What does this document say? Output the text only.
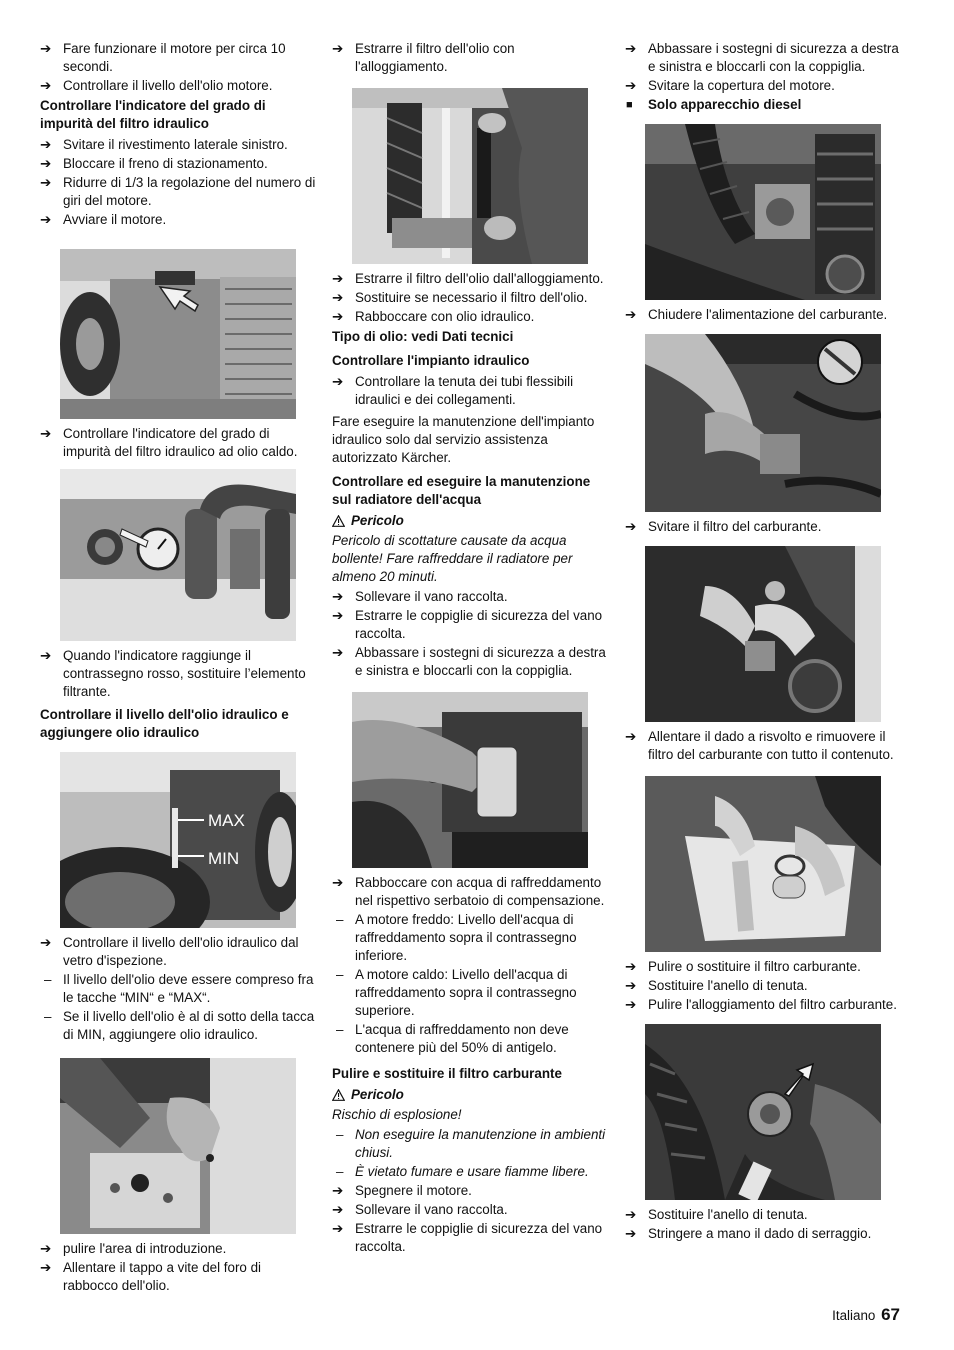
➔ Fare funzionare il motore per circa 10 secondi.
➔ Controllare il livello dell'olio motore.
Controllare l'indicatore del grado di impurità del filtro idraulico
➔ Svitare il rivestimento laterale sinistro.
➔ Bloccare il freno di stazionamento.
➔ Ridurre di 1/3 la regolazione del numero di giri del motore.
➔ Avviare il motore.
➔ Controllare l'indicatore del grado di impurità del filtro idraulico ad olio caldo.
➔ Quando l'indicatore raggiunge il contrassegno rosso, sostituire l’elemento filtrante.
Controllare il livello dell'olio idraulico e aggiungere olio idraulico
MAX
MIN
➔ Controllare il livello dell'olio idraulico dal vetro d'ispezione.
– Il livello dell'olio deve essere compreso fra le tacche “MIN“ e “MAX“.
– Se il livello dell'olio è al di sotto della tacca di MIN, aggiungere olio idraulico.
➔ pulire l'area di introduzione.
➔ Allentare il tappo a vite del foro di rabbocco dell'olio.
➔ Estrarre il filtro dell'olio con l'alloggiamento.
➔ Estrarre il filtro dell'olio dall'alloggiamento.
➔ Sostituire se necessario il filtro dell'olio.
➔ Rabboccare con olio idraulico.
Tipo di olio: vedi Dati tecnici
Controllare l'impianto idraulico
➔ Controllare la tenuta dei tubi flessibili idraulici e dei collegamenti.

Fare eseguire la manutenzione dell'impianto idraulico solo dal servizio assistenza autorizzato Kärcher.

Controllare ed eseguire la manutenzione sul radiatore dell'acqua
Pericolo

Pericolo di scottature causate da acqua bollente! Fare raffreddare il radiatore per almeno 20 minuti.

➔ Sollevare il vano raccolta.
➔ Estrarre le coppiglie di sicurezza del vano raccolta.
➔ Abbassare i sostegni di sicurezza a destra e sinistra e bloccarli con la coppiglia.
➔ Rabboccare con acqua di raffreddamento nel rispettivo serbatoio di compensazione.
– A motore freddo: Livello dell'acqua di raffreddamento sopra il contrassegno inferiore.
– A motore caldo: Livello dell'acqua di raffreddamento sopra il contrassegno superiore.
– L'acqua di raffreddamento non deve contenere più del 50% di antigelo.
Pulire e sostituire il filtro carburante
Pericolo

Rischio di esplosione!

– Non eseguire la manutenzione in ambienti chiusi.
– È vietato fumare e usare fiamme libere.
➔ Spegnere il motore.
➔ Sollevare il vano raccolta.
➔ Estrarre le coppiglie di sicurezza del vano raccolta.
➔ Abbassare i sostegni di sicurezza a destra e sinistra e bloccarli con la coppiglia.
➔ Svitare la copertura del motore.
■	Solo apparecchio diesel
➔ Chiudere l'alimentazione del carburante.
➔ Svitare il filtro del carburante.
➔ Allentare il dado a risvolto e rimuovere il filtro del carburante con tutto il contenuto.
➔ Pulire o sostituire il filtro carburante.
➔ Sostituire l'anello di tenuta.
➔ Pulire l'alloggiamento del filtro carburante.
➔ Sostituire l'anello di tenuta.
➔ Stringere a mano il dado di serraggio.
Italiano 67
